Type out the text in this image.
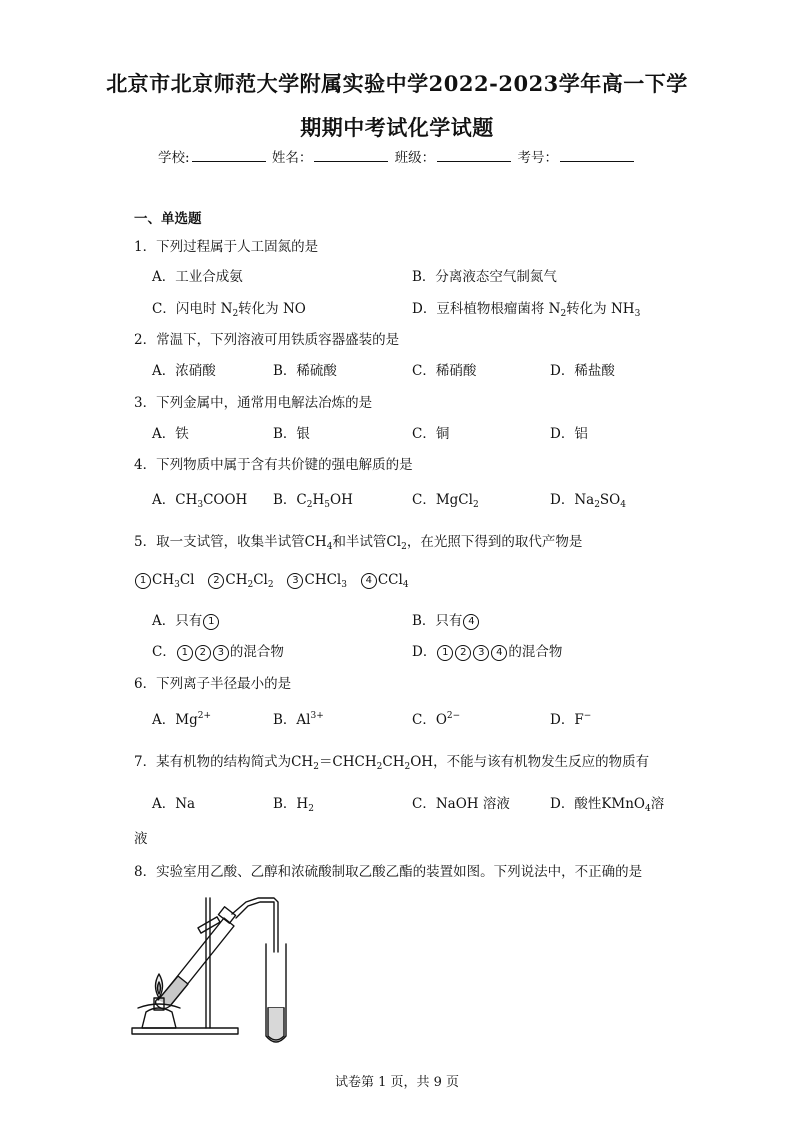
北京市北京师范大学附属实验中学2022-2023学年高一下学
期期中考试化学试题
学校:	姓名：	班级：	考号：
一、单选题
1．下列过程属于人工固氮的是
A．工业合成氨	B．分离液态空气制氮气
C．闪电时 $N_2$转化为 NO	D．豆科植物根瘤菌将 $N_2$转化为 $NH_3$
2．常温下，下列溶液可用铁质容器盛装的是
A．浓硝酸	B．稀硫酸	C．稀硝酸	D．稀盐酸
3．下列金属中，通常用电解法冶炼的是
A．铁	B．银	C．铜	D．铝
4．下列物质中属于含有共价键的强电解质的是
A．$CH_3COOH$ B．$C_2H_5OH$	C．MgCl$_2$	D．$Na_2SO_4$
5．取一支试管，收集半试管$CH_4$和半试管$Cl_2$，在光照下得到的取代产物是
1 $CH_3Cl$ 2 $CH_2Cl_2$ 3 CHCl$_3$ 4 CCl$_4$
A．只有 1	B．只有 4
C． 1 2 3 的混合物	D． 1 2 3 4 的混合物
6．下列离子半径最小的是
A．$Mg^{2+}$	B．$Al^{3+}$	C．$O^{2-}$	D．F−
7．某有机物的结构简式为$CH_2=CHCH_2CH_2OH$，不能与该有机物发生反应的物质有
A．Na	B．$H_2$	C．NaOH 溶液	D．酸性KMnO$_4$溶
液
8．实验室用乙酸、乙醇和浓硫酸制取乙酸乙酯的装置如图。下列说法中，不正确的是
试卷第 1 页，共 9 页
